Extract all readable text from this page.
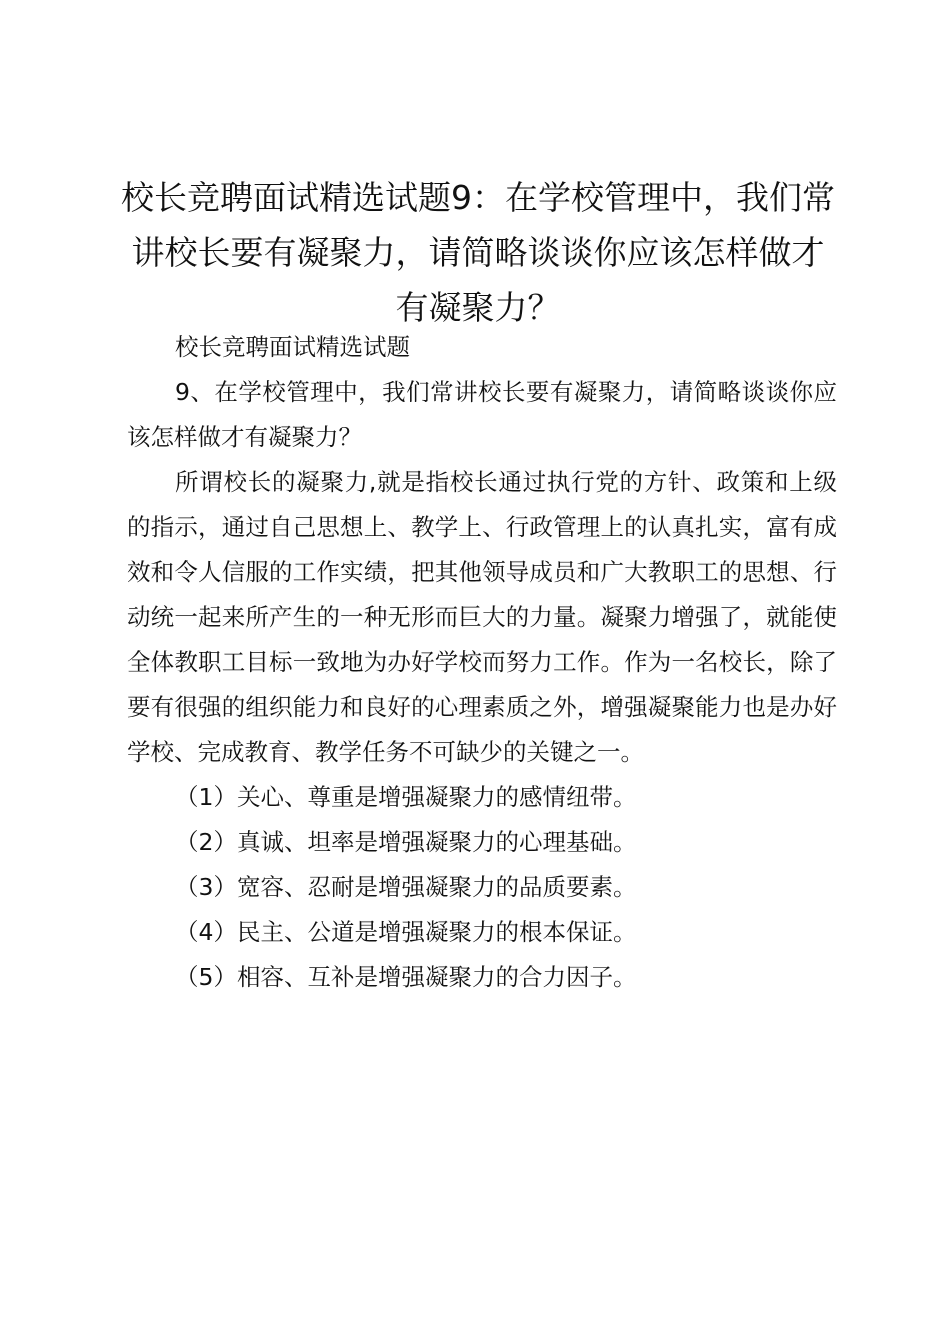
校长竞聘面试精选试题9：在学校管理中，我们常讲校长要有凝聚力，请简略谈谈你应该怎样做才有凝聚力？

校长竞聘面试精选试题

9、在学校管理中，我们常讲校长要有凝聚力，请简略谈谈你应该怎样做才有凝聚力？

所谓校长的凝聚力,就是指校长通过执行党的方针、政策和上级的指示，通过自己思想上、教学上、行政管理上的认真扎实，富有成效和令人信服的工作实绩，把其他领导成员和广大教职工的思想、行动统一起来所产生的一种无形而巨大的力量。凝聚力增强了，就能使全体教职工目标一致地为办好学校而努力工作。作为一名校长，除了要有很强的组织能力和良好的心理素质之外，增强凝聚能力也是办好学校、完成教育、教学任务不可缺少的关键之一。

（1）关心、尊重是增强凝聚力的感情纽带。

（2）真诚、坦率是增强凝聚力的心理基础。

（3）宽容、忍耐是增强凝聚力的品质要素。

（4）民主、公道是增强凝聚力的根本保证。

（5）相容、互补是增强凝聚力的合力因子。
